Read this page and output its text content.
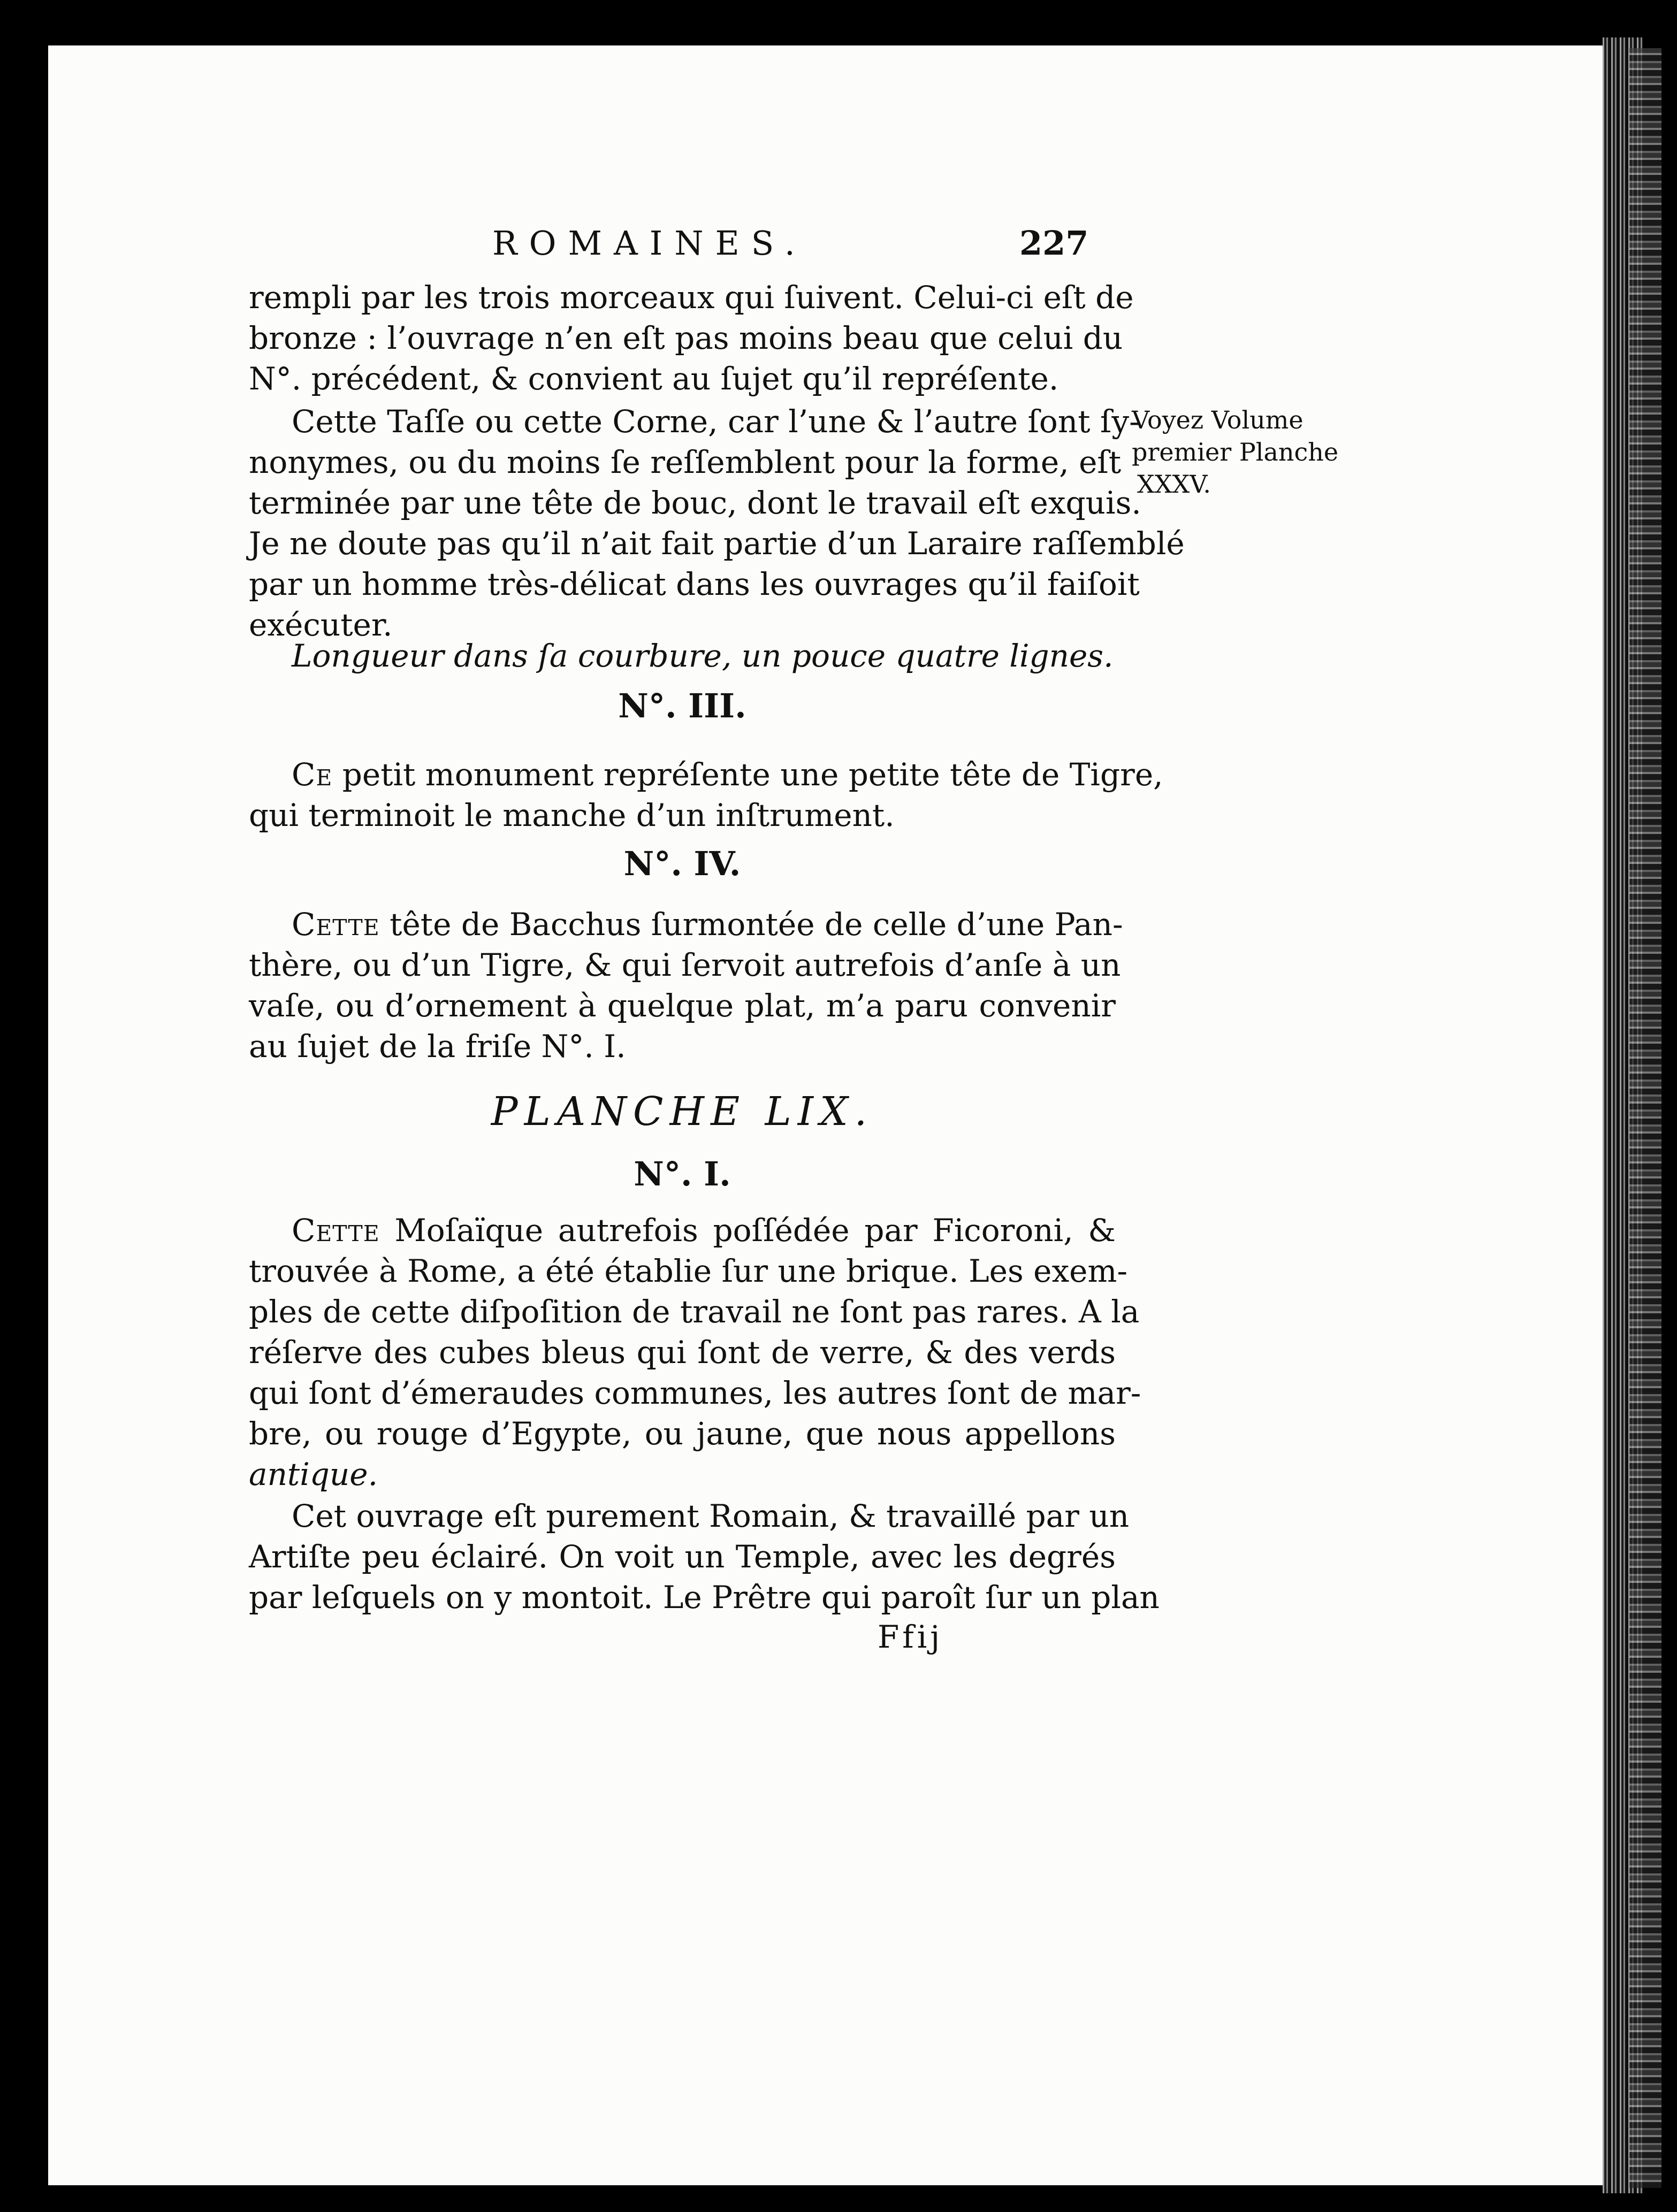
ROMAINES.	227
Voyez Volume
premier Planche
XXXV.
rempli par les trois morceaux qui ſuivent. Celui-ci eſt de
bronze : l’ouvrage n’en eſt pas moins beau que celui du
N°. précédent, & convient au ſujet qu’il repréſente.
Cette Taſſe ou cette Corne, car l’une & l’autre ſont ſy-
nonymes, ou du moins ſe reſſemblent pour la forme, eſt
terminée par une tête de bouc, dont le travail eſt exquis.
Je ne doute pas qu’il n’ait fait partie d’un Laraire raſſemblé
par un homme très-délicat dans les ouvrages qu’il faiſoit
exécuter.
Longueur dans ſa courbure, un pouce quatre lignes.
N°. III.
Ce petit monument repréſente une petite tête de Tigre,
qui terminoit le manche d’un inſtrument.
N°. IV.
Cette tête de Bacchus ſurmontée de celle d’une Pan-
thère, ou d’un Tigre, & qui ſervoit autrefois d’anſe à un
vaſe, ou d’ornement à quelque plat, m’a paru convenir
au ſujet de la friſe N°. I.
PLANCHE LIX.
N°. I.
Cette Moſaïque autrefois poſſédée par Ficoroni, &
trouvée à Rome, a été établie ſur une brique. Les exem-
ples de cette diſpoſition de travail ne ſont pas rares. A la
réſerve des cubes bleus qui ſont de verre, & des verds
qui ſont d’émeraudes communes, les autres ſont de mar-
bre, ou rouge d’Egypte, ou jaune, que nous appellons
antique.
Cet ouvrage eſt purement Romain, & travaillé par un
Artiſte peu éclairé. On voit un Temple, avec les degrés
par leſquels on y montoit. Le Prêtre qui paroît ſur un plan
Ffij
